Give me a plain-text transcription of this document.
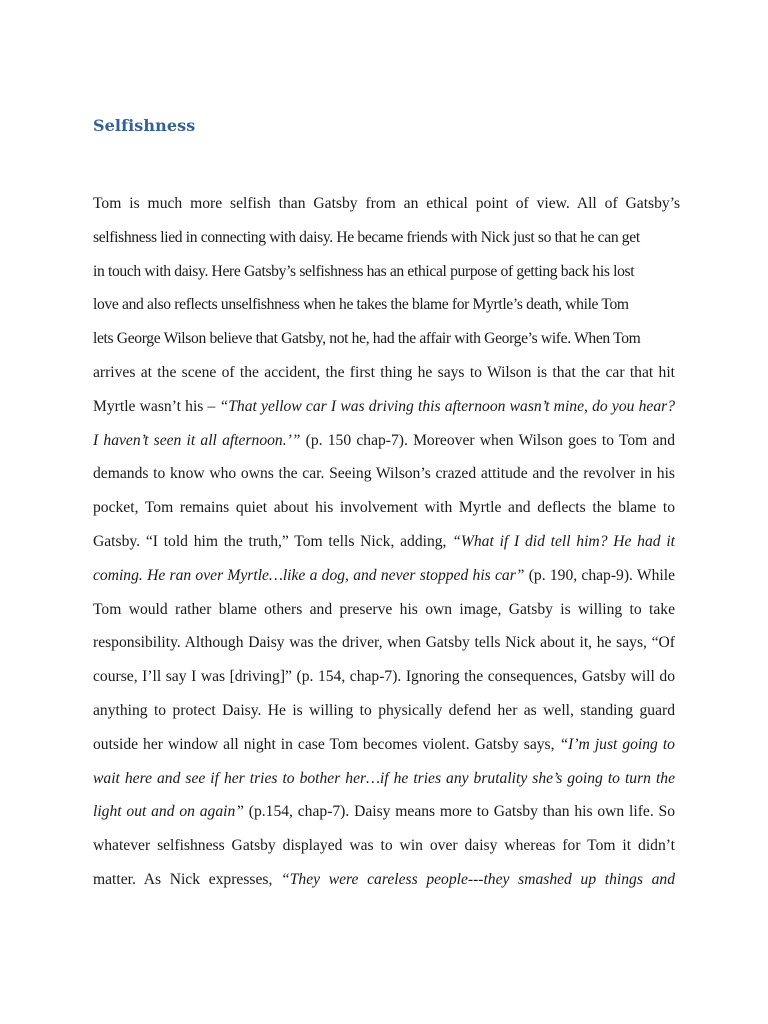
Selfishness
Tom is much more selfish than Gatsby from an ethical point of view. All of Gatsby’s
selfishness lied in connecting with daisy. He became friends with Nick just so that he can get
in touch with daisy. Here Gatsby’s selfishness has an ethical purpose of getting back his lost
love and also reflects unselfishness when he takes the blame for Myrtle’s death, while Tom
lets George Wilson believe that Gatsby, not he, had the affair with George’s wife. When Tom
arrives at the scene of the accident, the first thing he says to Wilson is that the car that hit
Myrtle wasn’t his – “That yellow car I was driving this afternoon wasn’t mine, do you hear?
I haven’t seen it all afternoon.’” (p. 150 chap-7). Moreover when Wilson goes to Tom and
demands to know who owns the car. Seeing Wilson’s crazed attitude and the revolver in his
pocket, Tom remains quiet about his involvement with Myrtle and deflects the blame to
Gatsby. “I told him the truth,” Tom tells Nick, adding, “What if I did tell him? He had it
coming. He ran over Myrtle…like a dog, and never stopped his car” (p. 190, chap-9). While
Tom would rather blame others and preserve his own image, Gatsby is willing to take
responsibility. Although Daisy was the driver, when Gatsby tells Nick about it, he says, “Of
course, I’ll say I was [driving]” (p. 154, chap-7). Ignoring the consequences, Gatsby will do
anything to protect Daisy. He is willing to physically defend her as well, standing guard
outside her window all night in case Tom becomes violent. Gatsby says, “I’m just going to
wait here and see if her tries to bother her…if he tries any brutality she’s going to turn the
light out and on again” (p.154, chap-7). Daisy means more to Gatsby than his own life. So
whatever selfishness Gatsby displayed was to win over daisy whereas for Tom it didn’t
matter. As Nick expresses, “They were careless people---they smashed up things and
